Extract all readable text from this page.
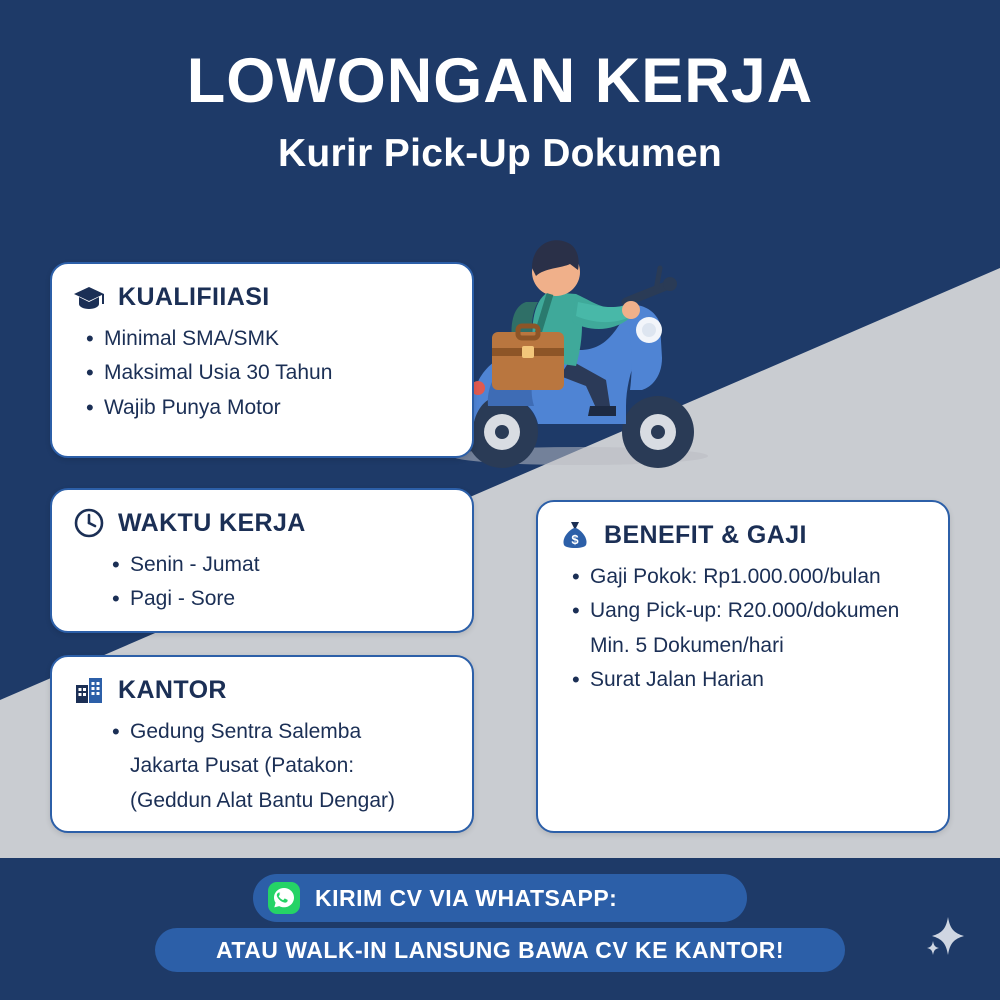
LOWONGAN KERJA
Kurir Pick-Up Dokumen
KUALIFIIASI
• Minimal SMA/SMK
• Maksimal Usia 30 Tahun
• Wajib Punya Motor
WAKTU KERJA
• Senin - Jumat
• Pagi - Sore
KANTOR
• Gedung Sentra Salemba
Jakarta Pusat (Patakon:
(Geddun Alat Bantu Dengar)
$ BENEFIT & GAJI
• Gaji Pokok: Rp1.000.000/bulan
• Uang Pick-up: R20.000/dokumen
Min. 5 Dokumen/hari
• Surat Jalan Harian
KIRIM CV VIA WHATSAPP:
ATAU WALK-IN LANSUNG BAWA CV KE KANTOR!
